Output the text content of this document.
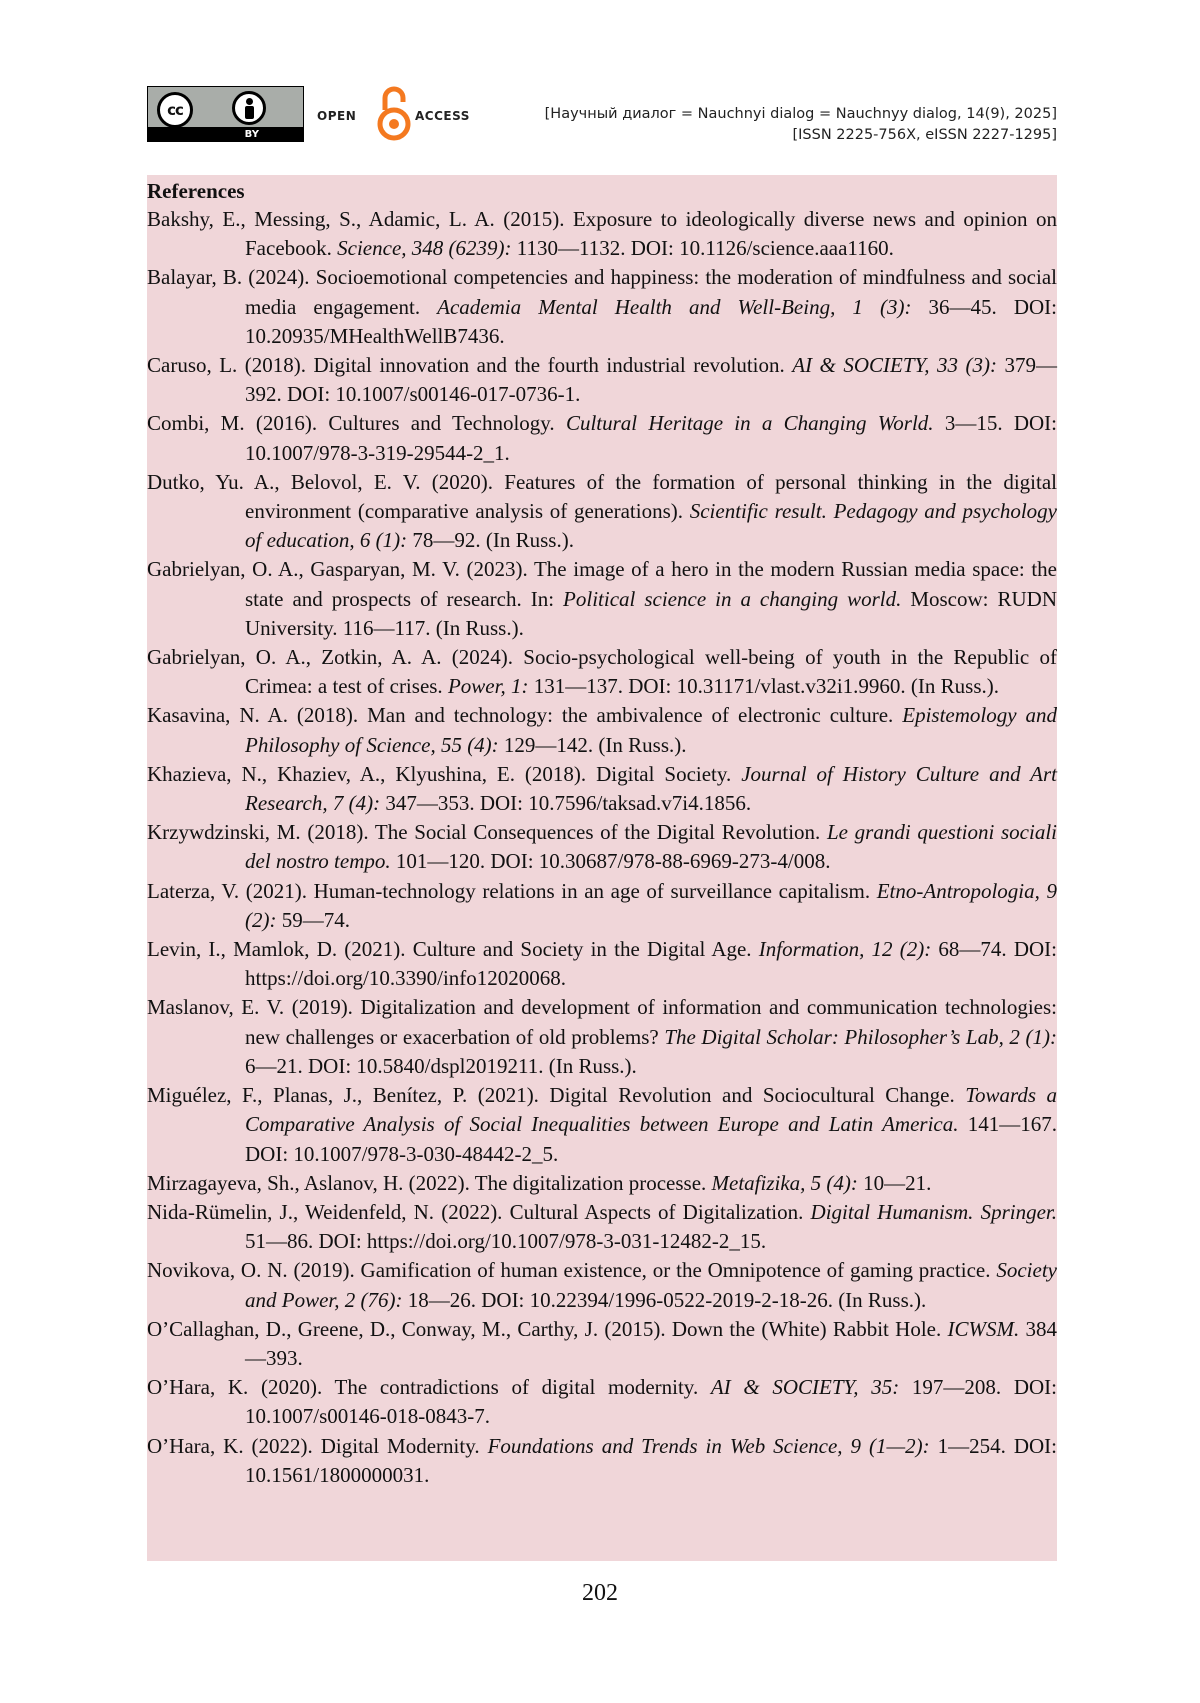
cc
BY
OPEN	ACCESS	[Научный диалог = Nauchnyi dialog = Nauchnyy dialog, 14(9), 2025]
[ISSN 2225-756X, eISSN 2227-1295]

References

Bakshy, E., Messing, S., Adamic, L. A. (2015). Exposure to ideologically diverse news and opinion on Facebook. Science, 348 (6239): 1130—1132. DOI: 10.1126/science.aaa1160.

Balayar, B. (2024). Socioemotional competencies and happiness: the moderation of mindfulness and social media engagement. Academia Mental Health and Well-Being, 1 (3): 36—45. DOI: 10.20935/MHealthWellB7436.

Caruso, L. (2018). Digital innovation and the fourth industrial revolution. AI & SOCIETY, 33 (3): 379—392. DOI: 10.1007/s00146-017-0736-1.

Combi, M. (2016). Cultures and Technology. Cultural Heritage in a Changing World. 3—15. DOI: 10.1007/978-3-319-29544-2_1.

Dutko, Yu. A., Belovol, E. V. (2020). Features of the formation of personal thinking in the digital environment (comparative analysis of generations). Scientific result. Pedagogy and psychology of education, 6 (1): 78—92. (In Russ.).

Gabrielyan, O. A., Gasparyan, M. V. (2023). The image of a hero in the modern Russian media space: the state and prospects of research. In: Political science in a changing world. Moscow: RUDN University. 116—117. (In Russ.).

Gabrielyan, O. A., Zotkin, A. A. (2024). Socio-psychological well-being of youth in the Republic of Crimea: a test of crises. Power, 1: 131—137. DOI: 10.31171/vlast.v32i1.9960. (In Russ.).

Kasavina, N. A. (2018). Man and technology: the ambivalence of electronic culture. Epistemology and Philosophy of Science, 55 (4): 129—142. (In Russ.).

Khazieva, N., Khaziev, A., Klyushina, E. (2018). Digital Society. Journal of History Culture and Art Research, 7 (4): 347—353. DOI: 10.7596/taksad.v7i4.1856.

Krzywdzinski, M. (2018). The Social Consequences of the Digital Revolution. Le grandi questioni sociali del nostro tempo. 101—120. DOI: 10.30687/978-88-6969-273-4/008.

Laterza, V. (2021). Human-technology relations in an age of surveillance capitalism. Etno-Antropologia, 9 (2): 59—74.

Levin, I., Mamlok, D. (2021). Culture and Society in the Digital Age. Information, 12 (2): 68—74. DOI: https://doi.org/10.3390/info12020068.

Maslanov, E. V. (2019). Digitalization and development of information and communication technologies: new challenges or exacerbation of old problems? The Digital Scholar: Philosopher’s Lab, 2 (1): 6—21. DOI: 10.5840/dspl2019211. (In Russ.).

Miguélez, F., Planas, J., Benítez, P. (2021). Digital Revolution and Sociocultural Change. Towards a Comparative Analysis of Social Inequalities between Europe and Latin America. 141—167. DOI: 10.1007/978-3-030-48442-2_5.

Mirzagayeva, Sh., Aslanov, H. (2022). The digitalization processe. Metafizika, 5 (4): 10—21.

Nida-Rümelin, J., Weidenfeld, N. (2022). Cultural Aspects of Digitalization. Digital Humanism. Springer. 51—86. DOI: https://doi.org/10.1007/978-3-031-12482-2_15.

Novikova, O. N. (2019). Gamification of human existence, or the Omnipotence of gaming practice. Society and Power, 2 (76): 18—26. DOI: 10.22394/1996-0522-2019-2-18-26. (In Russ.).

O’Callaghan, D., Greene, D., Conway, M., Carthy, J. (2015). Down the (White) Rabbit Hole. ICWSM. 384—393.

O’Hara, K. (2020). The contradictions of digital modernity. AI & SOCIETY, 35: 197—208. DOI: 10.1007/s00146-018-0843-7.

O’Hara, K. (2022). Digital Modernity. Foundations and Trends in Web Science, 9 (1—2): 1—254. DOI: 10.1561/1800000031.

202
